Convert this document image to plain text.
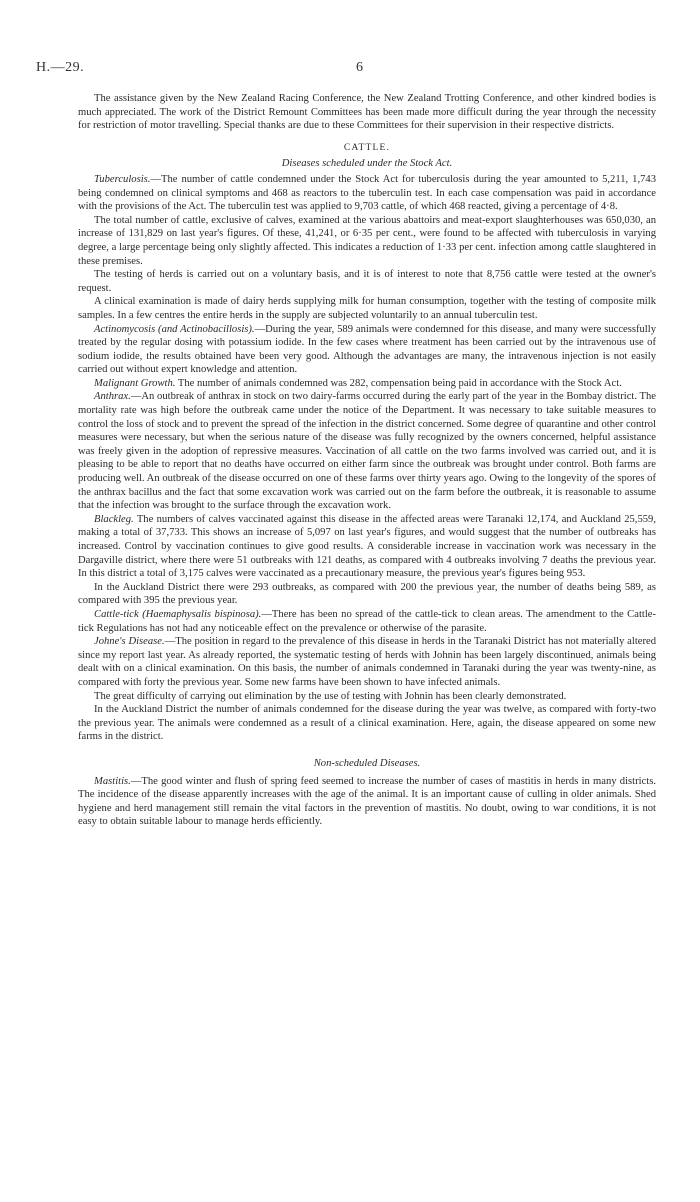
H.—29.	6

The assistance given by the New Zealand Racing Conference, the New Zealand Trotting Conference, and other kindred bodies is much appreciated. The work of the District Remount Committees has been made more difficult during the year through the necessity for restriction of motor travelling. Special thanks are due to these Committees for their supervision in their respective districts.

CATTLE.

Diseases scheduled under the Stock Act.

Tuberculosis.—The number of cattle condemned under the Stock Act for tuberculosis during the year amounted to 5,211, 1,743 being condemned on clinical symptoms and 468 as reactors to the tuberculin test. In each case compensation was paid in accordance with the provisions of the Act. The tuberculin test was applied to 9,703 cattle, of which 468 reacted, giving a percentage of 4·8.

The total number of cattle, exclusive of calves, examined at the various abattoirs and meat-export slaughterhouses was 650,030, an increase of 131,829 on last year's figures. Of these, 41,241, or 6·35 per cent., were found to be affected with tuberculosis in varying degree, a large percentage being only slightly affected. This indicates a reduction of 1·33 per cent. infection among cattle slaughtered in these premises.

The testing of herds is carried out on a voluntary basis, and it is of interest to note that 8,756 cattle were tested at the owner's request.

A clinical examination is made of dairy herds supplying milk for human consumption, together with the testing of composite milk samples. In a few centres the entire herds in the supply are subjected voluntarily to an annual tuberculin test.

Actinomycosis (and Actinobacillosis).—During the year, 589 animals were condemned for this disease, and many were successfully treated by the regular dosing with potassium iodide. In the few cases where treatment has been carried out by the intravenous use of sodium iodide, the results obtained have been very good. Although the advantages are many, the intravenous injection is not easily carried out without expert knowledge and attention.

Malignant Growth. The number of animals condemned was 282, compensation being paid in accordance with the Stock Act.

Anthrax.—An outbreak of anthrax in stock on two dairy-farms occurred during the early part of the year in the Bombay district. The mortality rate was high before the outbreak came under the notice of the Department. It was necessary to take suitable measures to control the loss of stock and to prevent the spread of the infection in the district concerned. Some degree of quarantine and other control measures were necessary, but when the serious nature of the disease was fully recognized by the owners concerned, helpful assistance was freely given in the adoption of repressive measures. Vaccination of all cattle on the two farms involved was carried out, and it is pleasing to be able to report that no deaths have occurred on either farm since the outbreak was brought under control. Both farms are producing well. An outbreak of the disease occurred on one of these farms over thirty years ago. Owing to the longevity of the spores of the anthrax bacillus and the fact that some excavation work was carried out on the farm before the outbreak, it is reasonable to assume that the infection was brought to the surface through the excavation work.

Blackleg. The numbers of calves vaccinated against this disease in the affected areas were Taranaki 12,174, and Auckland 25,559, making a total of 37,733. This shows an increase of 5,097 on last year's figures, and would suggest that the number of outbreaks has increased. Control by vaccination continues to give good results. A considerable increase in vaccination work was necessary in the Dargaville district, where there were 51 outbreaks with 121 deaths, as compared with 4 outbreaks involving 7 deaths the previous year. In this district a total of 3,175 calves were vaccinated as a precautionary measure, the previous year's figures being 953.

In the Auckland District there were 293 outbreaks, as compared with 200 the previous year, the number of deaths being 589, as compared with 395 the previous year.

Cattle-tick (Haemaphysalis bispinosa).—There has been no spread of the cattle-tick to clean areas. The amendment to the Cattle-tick Regulations has not had any noticeable effect on the prevalence or otherwise of the parasite.

Johne's Disease.—The position in regard to the prevalence of this disease in herds in the Taranaki District has not materially altered since my report last year. As already reported, the systematic testing of herds with Johnin has been largely discontinued, animals being dealt with on a clinical examination. On this basis, the number of animals condemned in Taranaki during the year was twenty-nine, as compared with forty the previous year. Some new farms have been shown to have infected animals.

The great difficulty of carrying out elimination by the use of testing with Johnin has been clearly demonstrated.

In the Auckland District the number of animals condemned for the disease during the year was twelve, as compared with forty-two the previous year. The animals were condemned as a result of a clinical examination. Here, again, the disease appeared on some new farms in the district.

Non-scheduled Diseases.

Mastitis.—The good winter and flush of spring feed seemed to increase the number of cases of mastitis in herds in many districts. The incidence of the disease apparently increases with the age of the animal. It is an important cause of culling in older animals. Shed hygiene and herd management still remain the vital factors in the prevention of mastitis. No doubt, owing to war conditions, it is not easy to obtain suitable labour to manage herds efficiently.
